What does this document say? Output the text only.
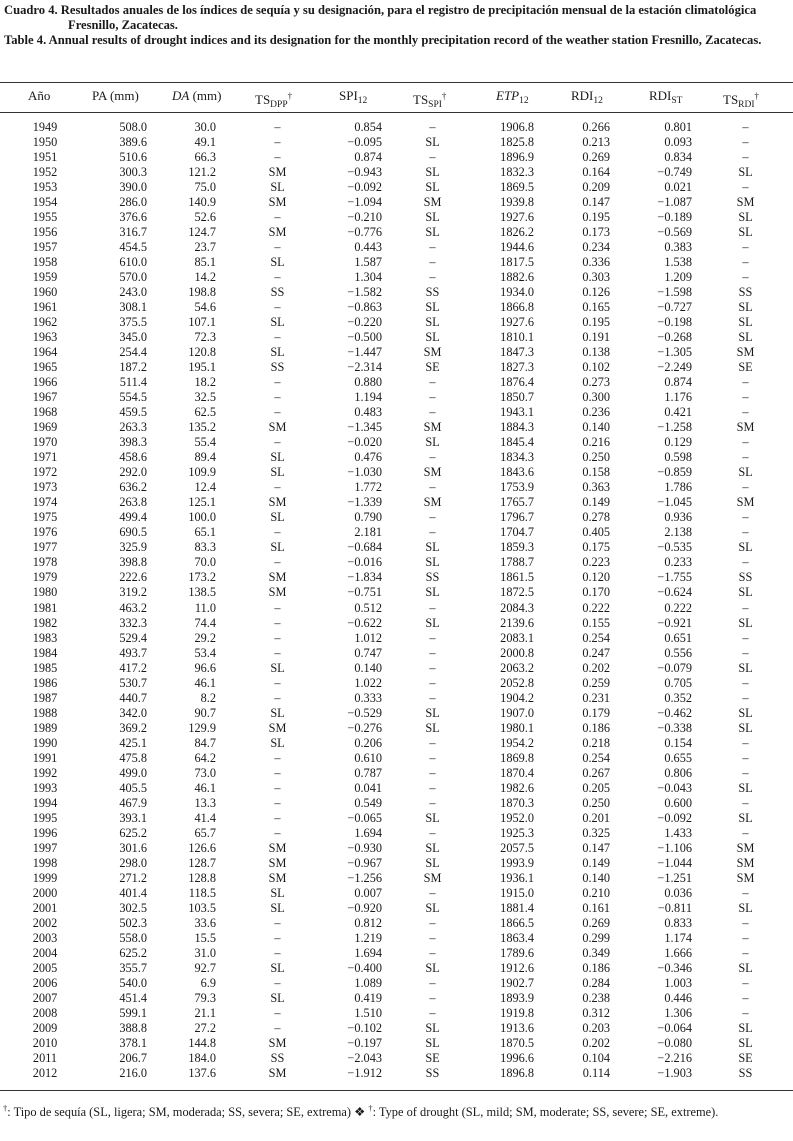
Cuadro 4. Resultados anuales de los índices de sequía y su designación, para el registro de precipitación mensual de la estación climatológica Fresnillo, Zacatecas.

Table 4. Annual results of drought indices and its designation for the monthly precipitation record of the weather station Fresnillo, Zacatecas.

Año	PA (mm)	DA (mm)	$TS_{DPP}^\dagger$	$SPI_{12}$	$TS_{SPI}^\dagger$	$ETP_{12}$	$RDI_{12}$	$RDI_{ST}$	$TS_{RDI}^\dagger$
1949	508.0	30.0	–	0.854	–	1906.8	0.266	0.801	–
1950	389.6	49.1	–	−0.095	SL	1825.8	0.213	0.093	–
1951	510.6	66.3	–	0.874	–	1896.9	0.269	0.834	–
1952	300.3	121.2	SM	−0.943	SL	1832.3	0.164	−0.749	SL
1953	390.0	75.0	SL	−0.092	SL	1869.5	0.209	0.021	–
1954	286.0	140.9	SM	−1.094	SM	1939.8	0.147	−1.087	SM
1955	376.6	52.6	–	−0.210	SL	1927.6	0.195	−0.189	SL
1956	316.7	124.7	SM	−0.776	SL	1826.2	0.173	−0.569	SL
1957	454.5	23.7	–	0.443	–	1944.6	0.234	0.383	–
1958	610.0	85.1	SL	1.587	–	1817.5	0.336	1.538	–
1959	570.0	14.2	–	1.304	–	1882.6	0.303	1.209	–
1960	243.0	198.8	SS	−1.582	SS	1934.0	0.126	−1.598	SS
1961	308.1	54.6	–	−0.863	SL	1866.8	0.165	−0.727	SL
1962	375.5	107.1	SL	−0.220	SL	1927.6	0.195	−0.198	SL
1963	345.0	72.3	–	−0.500	SL	1810.1	0.191	−0.268	SL
1964	254.4	120.8	SL	−1.447	SM	1847.3	0.138	−1.305	SM
1965	187.2	195.1	SS	−2.314	SE	1827.3	0.102	−2.249	SE
1966	511.4	18.2	–	0.880	–	1876.4	0.273	0.874	–
1967	554.5	32.5	–	1.194	–	1850.7	0.300	1.176	–
1968	459.5	62.5	–	0.483	–	1943.1	0.236	0.421	–
1969	263.3	135.2	SM	−1.345	SM	1884.3	0.140	−1.258	SM
1970	398.3	55.4	–	−0.020	SL	1845.4	0.216	0.129	–
1971	458.6	89.4	SL	0.476	–	1834.3	0.250	0.598	–
1972	292.0	109.9	SL	−1.030	SM	1843.6	0.158	−0.859	SL
1973	636.2	12.4	–	1.772	–	1753.9	0.363	1.786	–
1974	263.8	125.1	SM	−1.339	SM	1765.7	0.149	−1.045	SM
1975	499.4	100.0	SL	0.790	–	1796.7	0.278	0.936	–
1976	690.5	65.1	–	2.181	–	1704.7	0.405	2.138	–
1977	325.9	83.3	SL	−0.684	SL	1859.3	0.175	−0.535	SL
1978	398.8	70.0	–	−0.016	SL	1788.7	0.223	0.233	–
1979	222.6	173.2	SM	−1.834	SS	1861.5	0.120	−1.755	SS
1980	319.2	138.5	SM	−0.751	SL	1872.5	0.170	−0.624	SL
1981	463.2	11.0	–	0.512	–	2084.3	0.222	0.222	–
1982	332.3	74.4	–	−0.622	SL	2139.6	0.155	−0.921	SL
1983	529.4	29.2	–	1.012	–	2083.1	0.254	0.651	–
1984	493.7	53.4	–	0.747	–	2000.8	0.247	0.556	–
1985	417.2	96.6	SL	0.140	–	2063.2	0.202	−0.079	SL
1986	530.7	46.1	–	1.022	–	2052.8	0.259	0.705	–
1987	440.7	8.2	–	0.333	–	1904.2	0.231	0.352	–
1988	342.0	90.7	SL	−0.529	SL	1907.0	0.179	−0.462	SL
1989	369.2	129.9	SM	−0.276	SL	1980.1	0.186	−0.338	SL
1990	425.1	84.7	SL	0.206	–	1954.2	0.218	0.154	–
1991	475.8	64.2	–	0.610	–	1869.8	0.254	0.655	–
1992	499.0	73.0	–	0.787	–	1870.4	0.267	0.806	–
1993	405.5	46.1	–	0.041	–	1982.6	0.205	−0.043	SL
1994	467.9	13.3	–	0.549	–	1870.3	0.250	0.600	–
1995	393.1	41.4	–	−0.065	SL	1952.0	0.201	−0.092	SL
1996	625.2	65.7	–	1.694	–	1925.3	0.325	1.433	–
1997	301.6	126.6	SM	−0.930	SL	2057.5	0.147	−1.106	SM
1998	298.0	128.7	SM	−0.967	SL	1993.9	0.149	−1.044	SM
1999	271.2	128.8	SM	−1.256	SM	1936.1	0.140	−1.251	SM
2000	401.4	118.5	SL	0.007	–	1915.0	0.210	0.036	–
2001	302.5	103.5	SL	−0.920	SL	1881.4	0.161	−0.811	SL
2002	502.3	33.6	–	0.812	–	1866.5	0.269	0.833	–
2003	558.0	15.5	–	1.219	–	1863.4	0.299	1.174	–
2004	625.2	31.0	–	1.694	–	1789.6	0.349	1.666	–
2005	355.7	92.7	SL	−0.400	SL	1912.6	0.186	−0.346	SL
2006	540.0	6.9	–	1.089	–	1902.7	0.284	1.003	–
2007	451.4	79.3	SL	0.419	–	1893.9	0.238	0.446	–
2008	599.1	21.1	–	1.510	–	1919.8	0.312	1.306	–
2009	388.8	27.2	–	−0.102	SL	1913.6	0.203	−0.064	SL
2010	378.1	144.8	SM	−0.197	SL	1870.5	0.202	−0.080	SL
2011	206.7	184.0	SS	−2.043	SE	1996.6	0.104	−2.216	SE
2012	216.0	137.6	SM	−1.912	SS	1896.8	0.114	−1.903	SS
†: Tipo de sequía (SL, ligera; SM, moderada; SS, severa; SE, extrema) ❖ †: Type of drought (SL, mild; SM, moderate; SS, severe; SE, extreme).
